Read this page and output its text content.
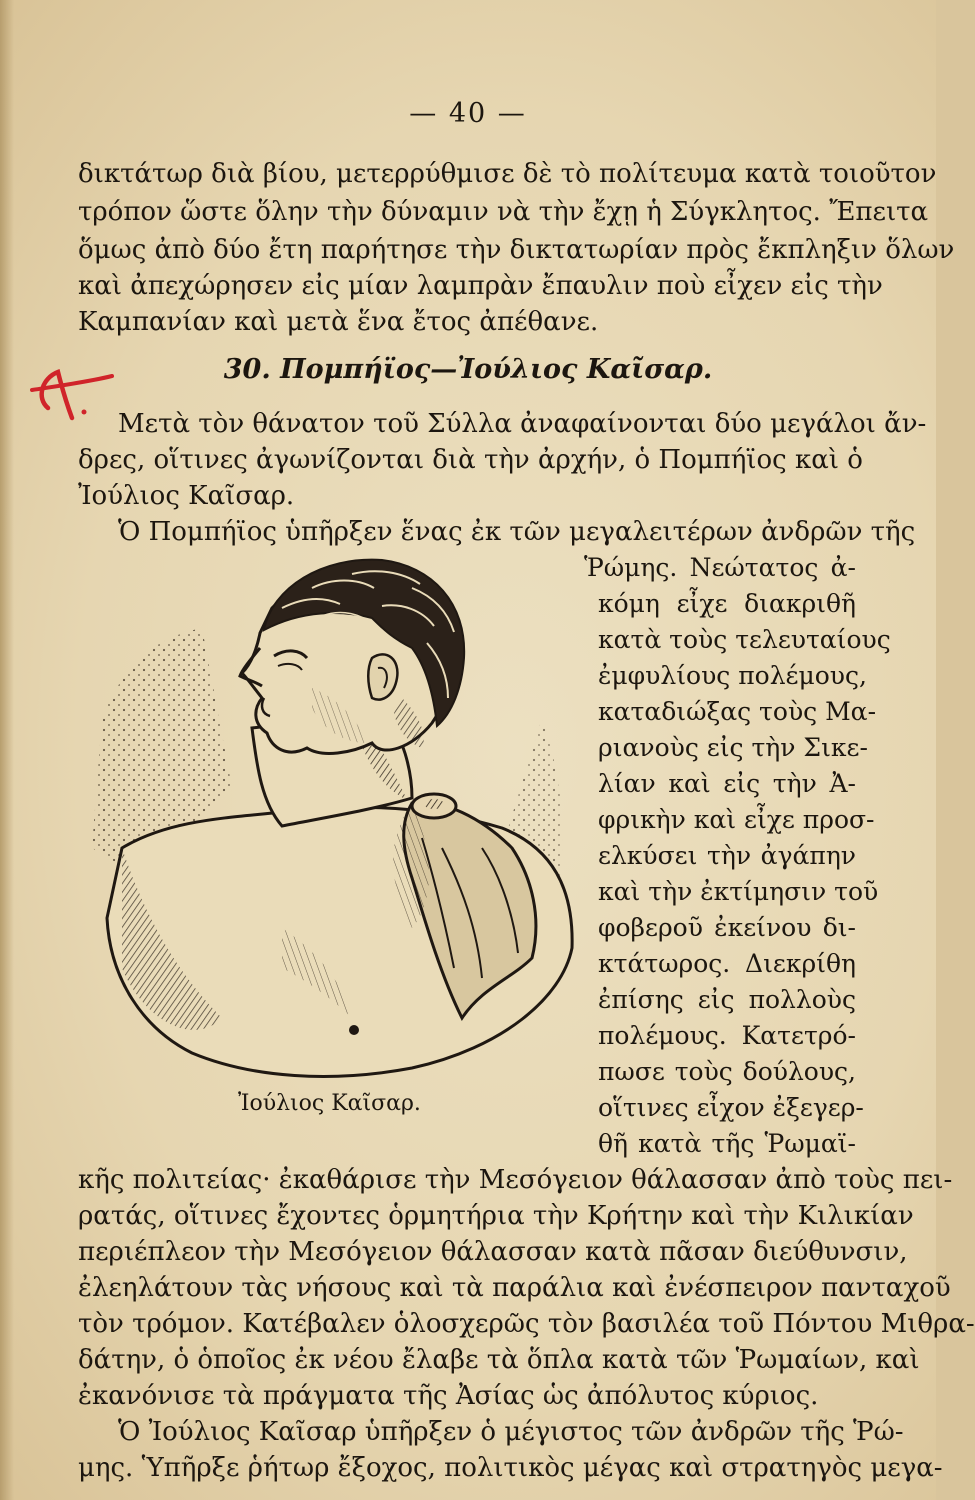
— 40 —
δικτάτωρ διὰ βίου, μετερρύθμισε δὲ τὸ πολίτευμα κατὰ τοιοῦτον
τρόπον ὥστε ὅλην τὴν δύναμιν νὰ τὴν ἔχῃ ἡ Σύγκλητος. Ἔπειτα
ὅμως ἀπὸ δύο ἔτη παρήτησε τὴν δικτατωρίαν πρὸς ἔκπληξιν ὅλων
καὶ ἀπεχώρησεν εἰς μίαν λαμπρὰν ἔπαυλιν ποὺ εἶχεν εἰς τὴν
Καμπανίαν καὶ μετὰ ἕνα ἔτος ἀπέθανε.
30. Πομπήϊος—Ἰούλιος Καῖσαρ.
Μετὰ τὸν θάνατον τοῦ Σύλλα ἀναφαίνονται δύο μεγάλοι ἄν-
δρες, οἵτινες ἀγωνίζονται διὰ τὴν ἀρχήν, ὁ Πομπήϊος καὶ ὁ
Ἰούλιος Καῖσαρ.
Ὁ Πομπήϊος ὑπῆρξεν ἕνας ἐκ τῶν μεγαλειτέρων ἀνδρῶν τῆς
Ἰούλιος Καῖσαρ.
Ῥώμης. Νεώτατος ἀ-
κόμη εἶχε διακριθῆ
κατὰ τοὺς τελευταίους
ἐμφυλίους πολέμους,
καταδιώξας τοὺς Μα-
ριανοὺς εἰς τὴν Σικε-
λίαν καὶ εἰς τὴν Ἀ-
φρικὴν καὶ εἶχε προσ-
ελκύσει τὴν ἀγάπην
καὶ τὴν ἐκτίμησιν τοῦ
φοβεροῦ ἐκείνου δι-
κτάτωρος. Διεκρίθη
ἐπίσης εἰς πολλοὺς
πολέμους. Κατετρό-
πωσε τοὺς δούλους,
οἵτινες εἶχον ἐξεγερ-
θῆ κατὰ τῆς Ῥωμαϊ-
κῆς πολιτείας· ἐκαθάρισε τὴν Μεσόγειον θάλασσαν ἀπὸ τοὺς πει-
ρατάς, οἵτινες ἔχοντες ὁρμητήρια τὴν Κρήτην καὶ τὴν Κιλικίαν
περιέπλεον τὴν Μεσόγειον θάλασσαν κατὰ πᾶσαν διεύθυνσιν,
ἐλεηλάτουν τὰς νήσους καὶ τὰ παράλια καὶ ἐνέσπειρον πανταχοῦ
τὸν τρόμον. Κατέβαλεν ὁλοσχερῶς τὸν βασιλέα τοῦ Πόντου Μιθρα-
δάτην, ὁ ὁποῖος ἐκ νέου ἔλαβε τὰ ὅπλα κατὰ τῶν Ῥωμαίων, καὶ
ἐκανόνισε τὰ πράγματα τῆς Ἀσίας ὡς ἀπόλυτος κύριος.
Ὁ Ἰούλιος Καῖσαρ ὑπῆρξεν ὁ μέγιστος τῶν ἀνδρῶν τῆς Ῥώ-
μης. Ὑπῆρξε ῥήτωρ ἔξοχος, πολιτικὸς μέγας καὶ στρατηγὸς μεγα-
